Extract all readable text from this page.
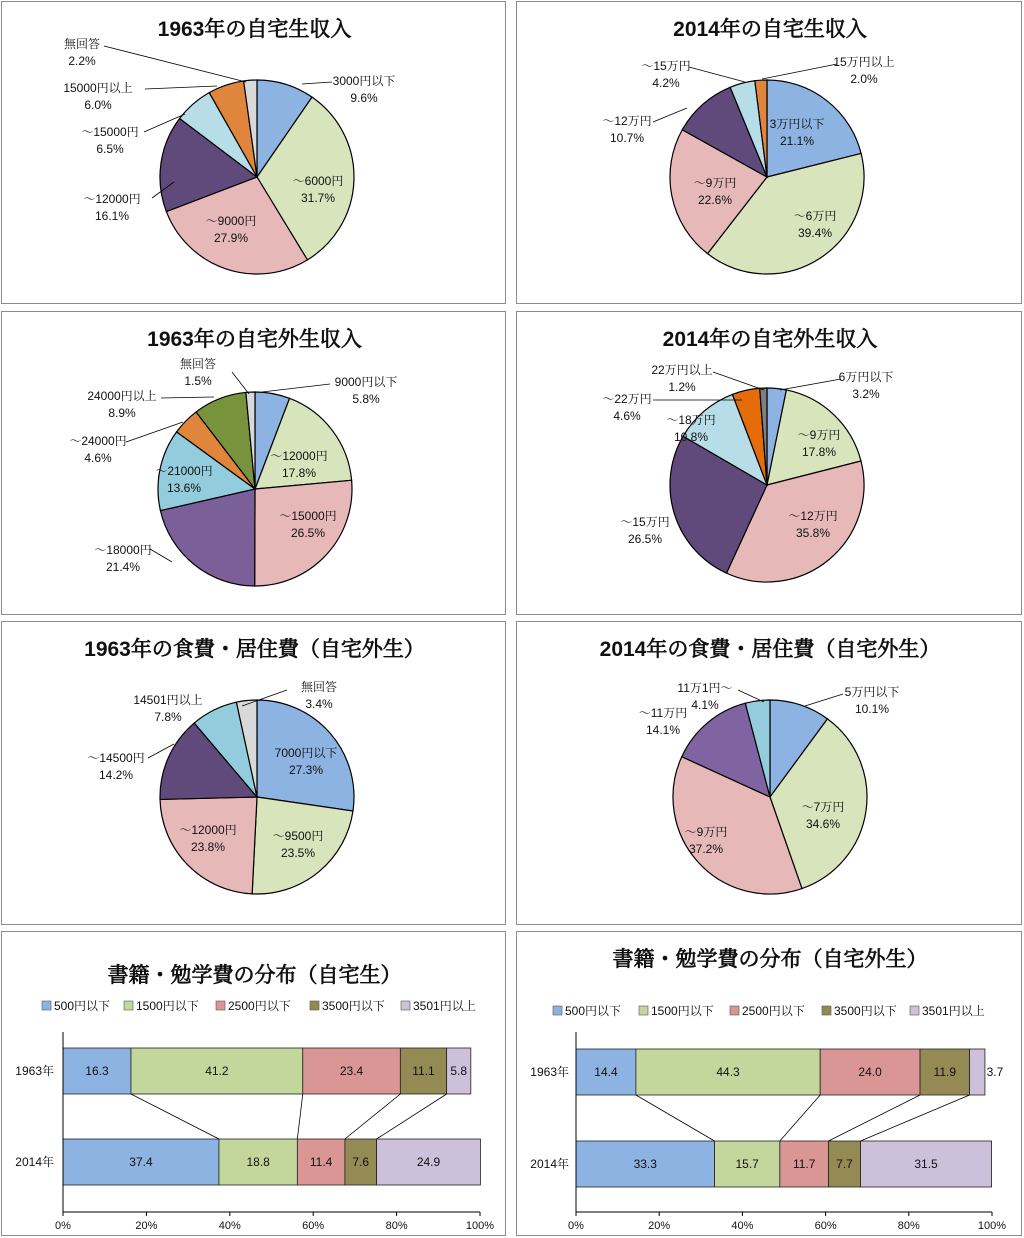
1963年の自宅生収入
3000円以下
9.6%
～6000円
31.7%
～9000円
27.9%
～12000円
16.1%
～15000円
6.5%
15000円以上
6.0%
無回答
2.2%
2014年の自宅生収入
3万円以下
21.1%
～6万円
39.4%
～9万円
22.6%
～12万円
10.7%
～15万円
4.2%
15万円以上
2.0%
1963年の自宅外生収入
9000円以下
5.8%
～12000円
17.8%
～15000円
26.5%
～18000円
21.4%
～21000円
13.6%
～24000円
4.6%
24000円以上
8.9%
無回答
1.5%
2014年の自宅外生収入
6万円以下
3.2%
～9万円
17.8%
～12万円
35.8%
～15万円
26.5%
～18万円
10.8%
～22万円
4.6%
22万円以上
1.2%
1963年の食費・居住費（自宅外生）
7000円以下
27.3%
～9500円
23.5%
～12000円
23.8%
～14500円
14.2%
14501円以上
7.8%
無回答
3.4%
2014年の食費・居住費（自宅外生）
5万円以下
10.1%
～7万円
34.6%
～9万円
37.2%
～11万円
14.1%
11万1円～
4.1%
書籍・勉学費の分布（自宅生）
500円以下 1500円以下 2500円以下	3500円以下 3501円以上
1963年	16.3	41.2	23.4	11.1 5.8
2014年	37.4	18.8	11.4 7.6	24.9
0%	20%	40%	60%	80%	100%
書籍・勉学費の分布（自宅外生）
500円以下 1500円以下 2500円以下 3500円以下 3501円以上
1963年 14.4	44.3	24.0	11.9	3.7
2014年	33.3	15.7	11.7 7.7	31.5
0%	20%	40%	60%	80%	100%
